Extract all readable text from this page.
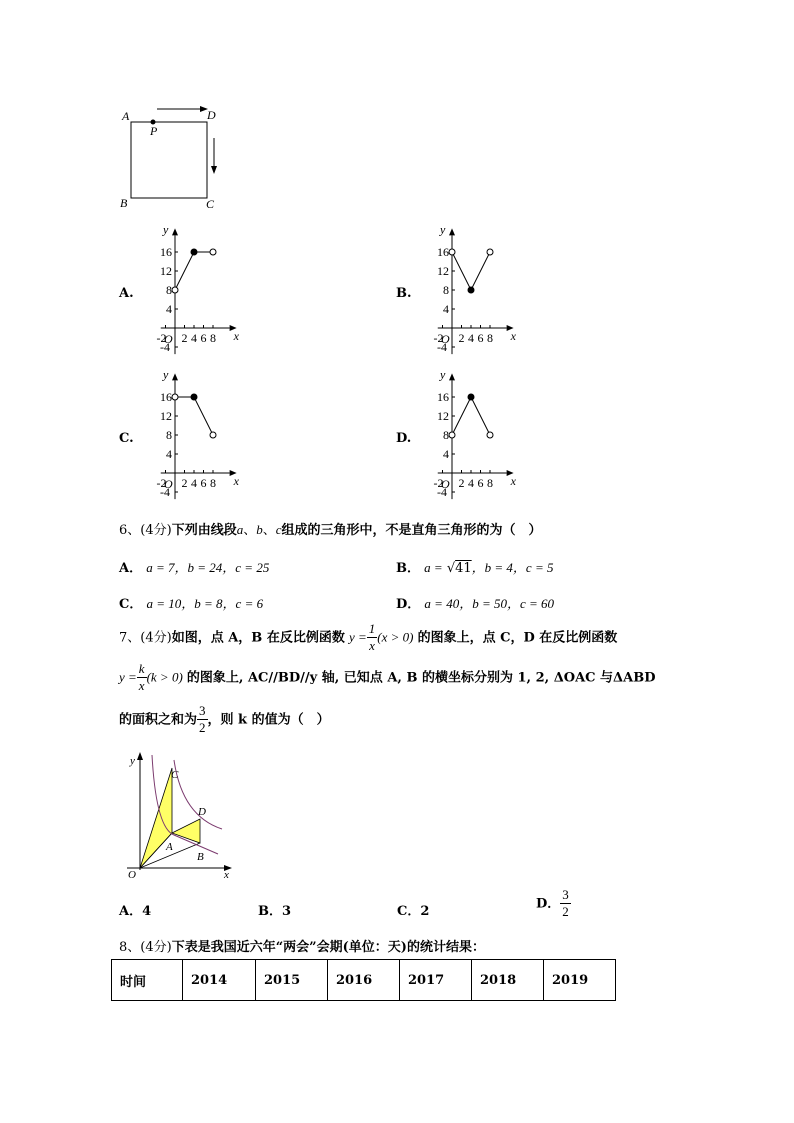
A	D
P
B	C
A.
y
x
16
12
8
4
-4
-2 2 4 6 8
O
B.
y
x
16
12
8
4
-4
-2 2 4 6 8
O
C.
y
x
16
12
8
4
-4
-2 2 4 6 8
O
D.
y
x
16
12
8
4
-4
-2 2 4 6 8
O
6、(4分)下列由线段a、b、c组成的三角形中，不是直角三角形的为（　）
A． a = 7，b = 24，c = 25	B． a = √41，b = 4，c = 5
C． a = 10，b = 8，c = 6	D． a = 40，b = 50，c = 60
7、(4分)如图，点 A，B 在反比例函数 $y = \frac{1}{x} (x > 0)$ 的图象上，点 C，D 在反比例函数
$y = \frac{k}{x} (k > 0)$ 的图象上, AC//BD//y 轴, 已知点 A, B 的横坐标分别为 1, 2, ΔOAC 与ΔABD
的面积之和为 $\frac{3}{2}$ ，则 k 的值为（　）
y
x
O
C
D
A
B
A．4	B．3	C．2
D． $\frac{3}{2}$
8、(4分)下表是我国近六年“两会”会期(单位：天)的统计结果：
时间	2014	2015	2016	2017	2018	2019
